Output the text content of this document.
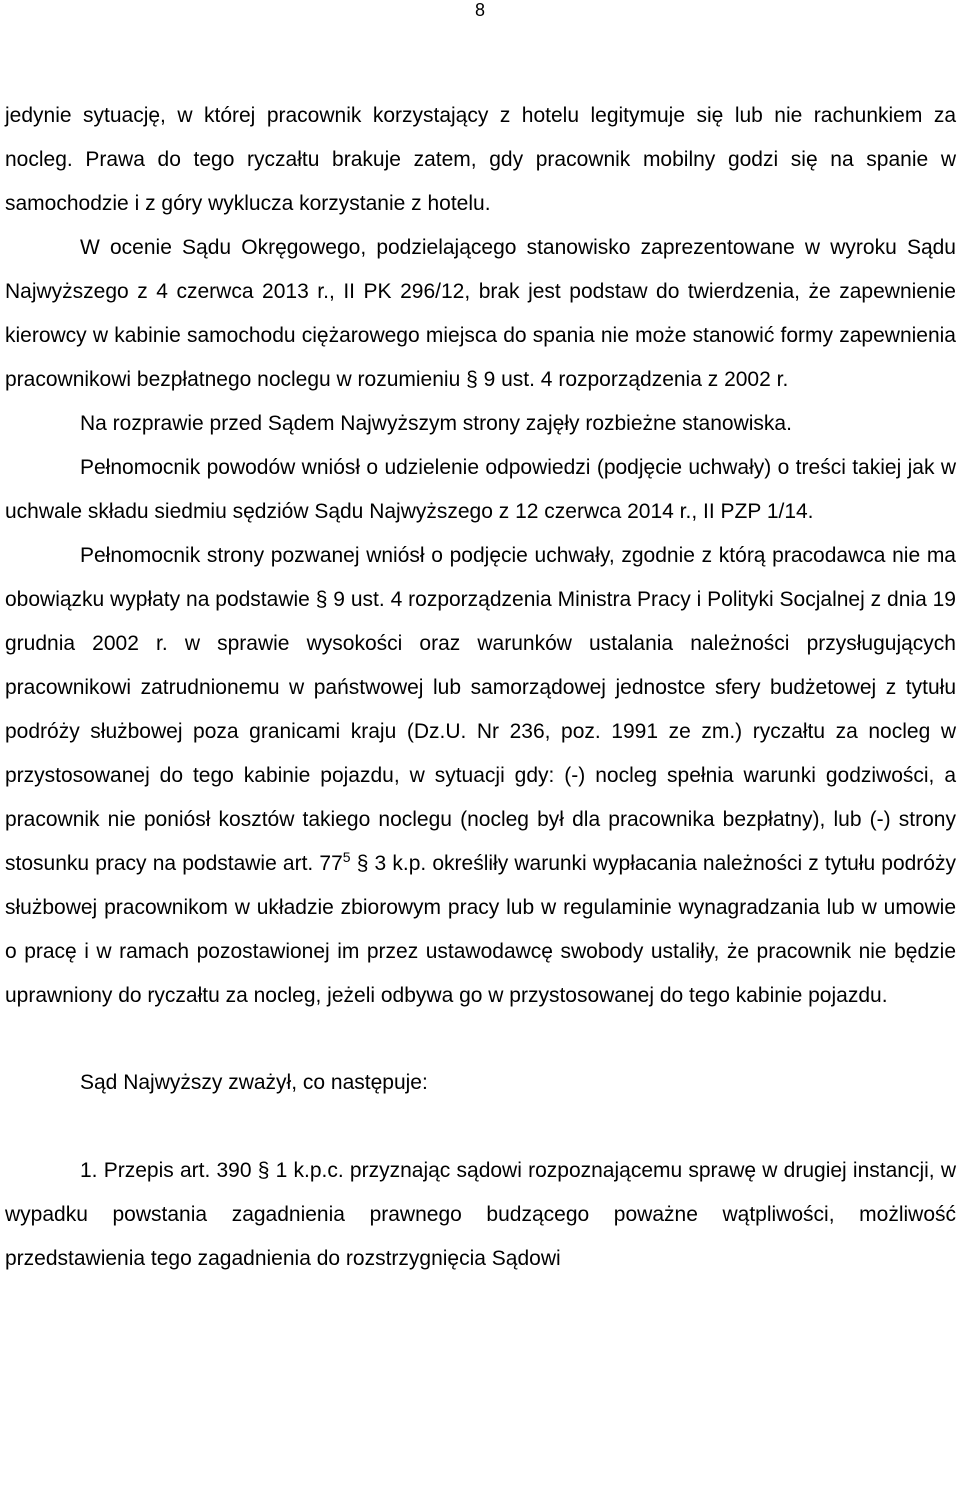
8

jedynie sytuację, w której pracownik korzystający z hotelu legitymuje się lub nie rachunkiem za nocleg. Prawa do tego ryczałtu brakuje zatem, gdy pracownik mobilny godzi się na spanie w samochodzie i z góry wyklucza korzystanie z hotelu.

W ocenie Sądu Okręgowego, podzielającego stanowisko zaprezentowane w wyroku Sądu Najwyższego z 4 czerwca 2013 r., II PK 296/12, brak jest podstaw do twierdzenia, że zapewnienie kierowcy w kabinie samochodu ciężarowego miejsca do spania nie może stanowić formy zapewnienia pracownikowi bezpłatnego noclegu w rozumieniu § 9 ust. 4 rozporządzenia z 2002 r.

Na rozprawie przed Sądem Najwyższym strony zajęły rozbieżne stanowiska.

Pełnomocnik powodów wniósł o udzielenie odpowiedzi (podjęcie uchwały) o treści takiej jak w uchwale składu siedmiu sędziów Sądu Najwyższego z 12 czerwca 2014 r., II PZP 1/14.

Pełnomocnik strony pozwanej wniósł o podjęcie uchwały, zgodnie z którą pracodawca nie ma obowiązku wypłaty na podstawie § 9 ust. 4 rozporządzenia Ministra Pracy i Polityki Socjalnej z dnia 19 grudnia 2002 r. w sprawie wysokości oraz warunków ustalania należności przysługujących pracownikowi zatrudnionemu w państwowej lub samorządowej jednostce sfery budżetowej z tytułu podróży służbowej poza granicami kraju (Dz.U. Nr 236, poz. 1991 ze zm.) ryczałtu za nocleg w przystosowanej do tego kabinie pojazdu, w sytuacji gdy: (-) nocleg spełnia warunki godziwości, a pracownik nie poniósł kosztów takiego noclegu (nocleg był dla pracownika bezpłatny), lub (-) strony stosunku pracy na podstawie art. $77^5$ § 3 k.p. określiły warunki wypłacania należności z tytułu podróży służbowej pracownikom w układzie zbiorowym pracy lub w regulaminie wynagradzania lub w umowie o pracę i w ramach pozostawionej im przez ustawodawcę swobody ustaliły, że pracownik nie będzie uprawniony do ryczałtu za nocleg, jeżeli odbywa go w przystosowanej do tego kabinie pojazdu.

Sąd Najwyższy zważył, co następuje:

1. Przepis art. 390 § 1 k.p.c. przyznając sądowi rozpoznającemu sprawę w drugiej instancji, w wypadku powstania zagadnienia prawnego budzącego poważne wątpliwości, możliwość przedstawienia tego zagadnienia do rozstrzygnięcia Sądowi
